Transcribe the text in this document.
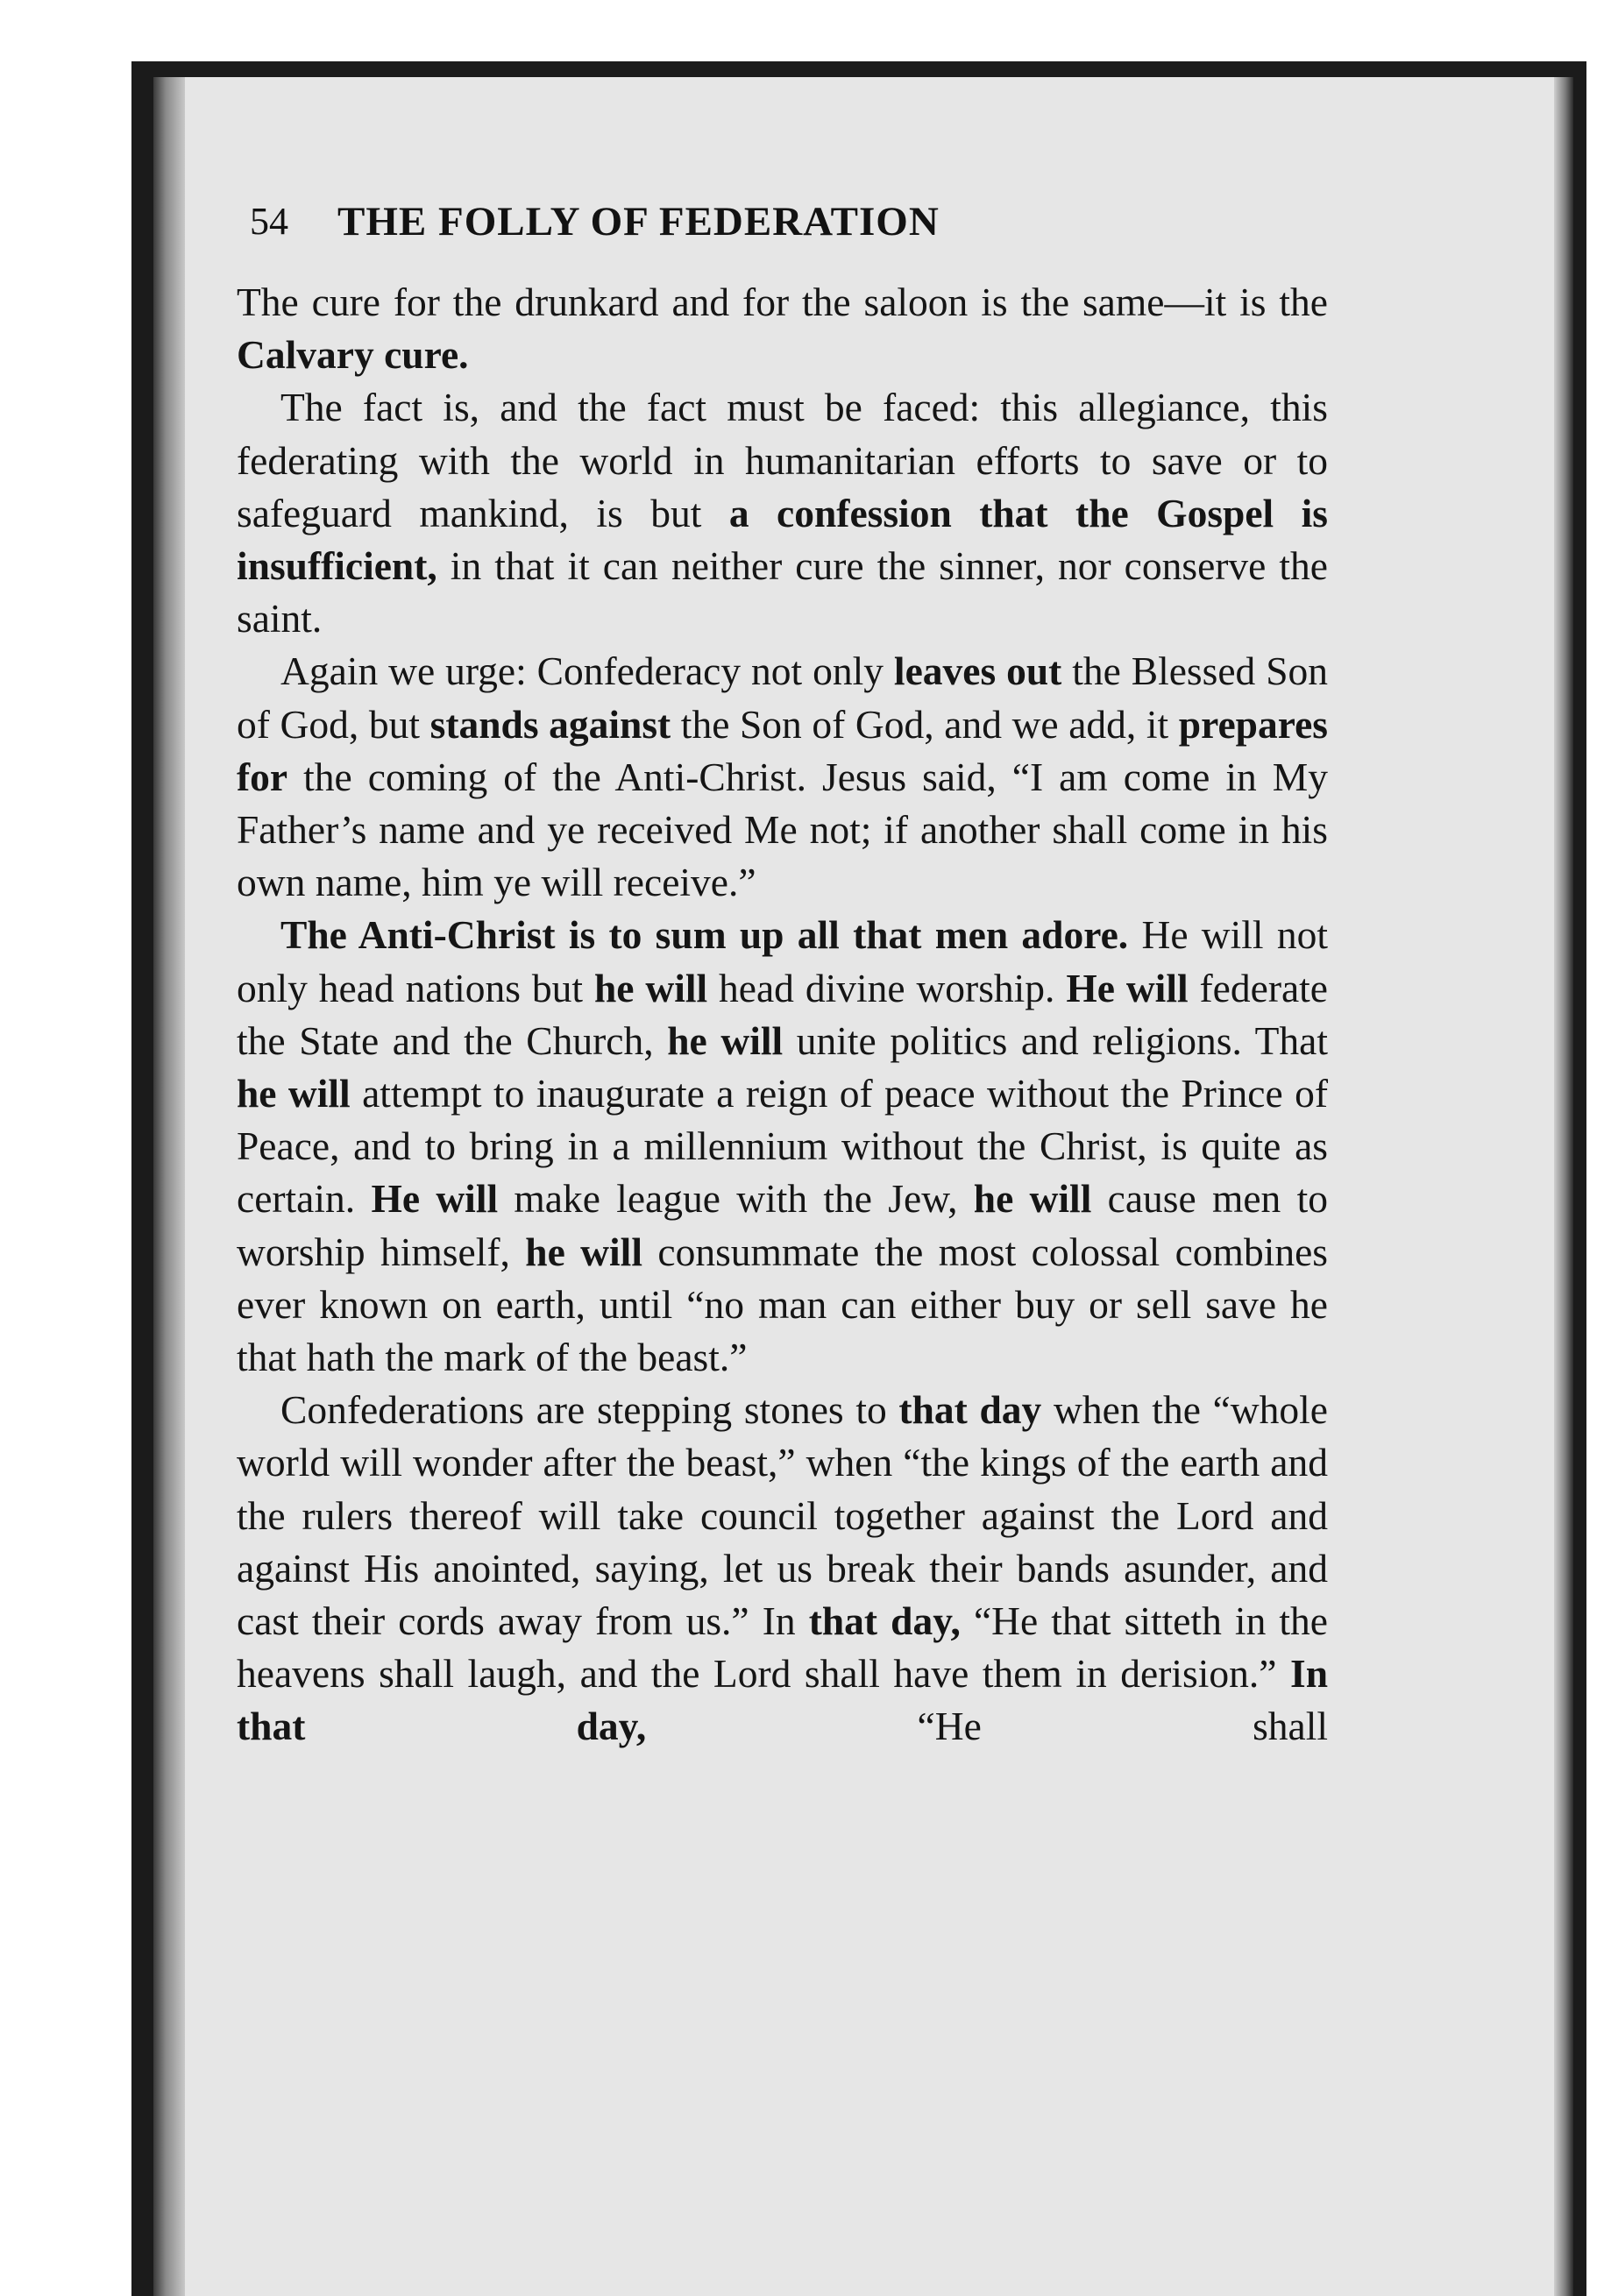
54 THE FOLLY OF FEDERATION

The cure for the drunkard and for the saloon is the same—it is the Calvary cure.

The fact is, and the fact must be faced: this allegiance, this federating with the world in humanitarian efforts to save or to safeguard mankind, is but a confession that the Gospel is insufficient, in that it can neither cure the sinner, nor conserve the saint.

Again we urge: Confederacy not only leaves out the Blessed Son of God, but stands against the Son of God, and we add, it prepares for the coming of the Anti-Christ. Jesus said, “I am come in My Father’s name and ye received Me not; if another shall come in his own name, him ye will receive.”

The Anti-Christ is to sum up all that men adore. He will not only head nations but he will head divine worship. He will federate the State and the Church, he will unite politics and religions. That he will attempt to inaugurate a reign of peace without the Prince of Peace, and to bring in a millennium without the Christ, is quite as certain. He will make league with the Jew, he will cause men to worship himself, he will consummate the most colossal combines ever known on earth, until “no man can either buy or sell save he that hath the mark of the beast.”

Confederations are stepping stones to that day when the “whole world will wonder after the beast,” when “the kings of the earth and the rulers thereof will take council together against the Lord and against His anointed, saying, let us break their bands asunder, and cast their cords away from us.” In that day, “He that sitteth in the heavens shall laugh, and the Lord shall have them in derision.” In that day, “He shall
